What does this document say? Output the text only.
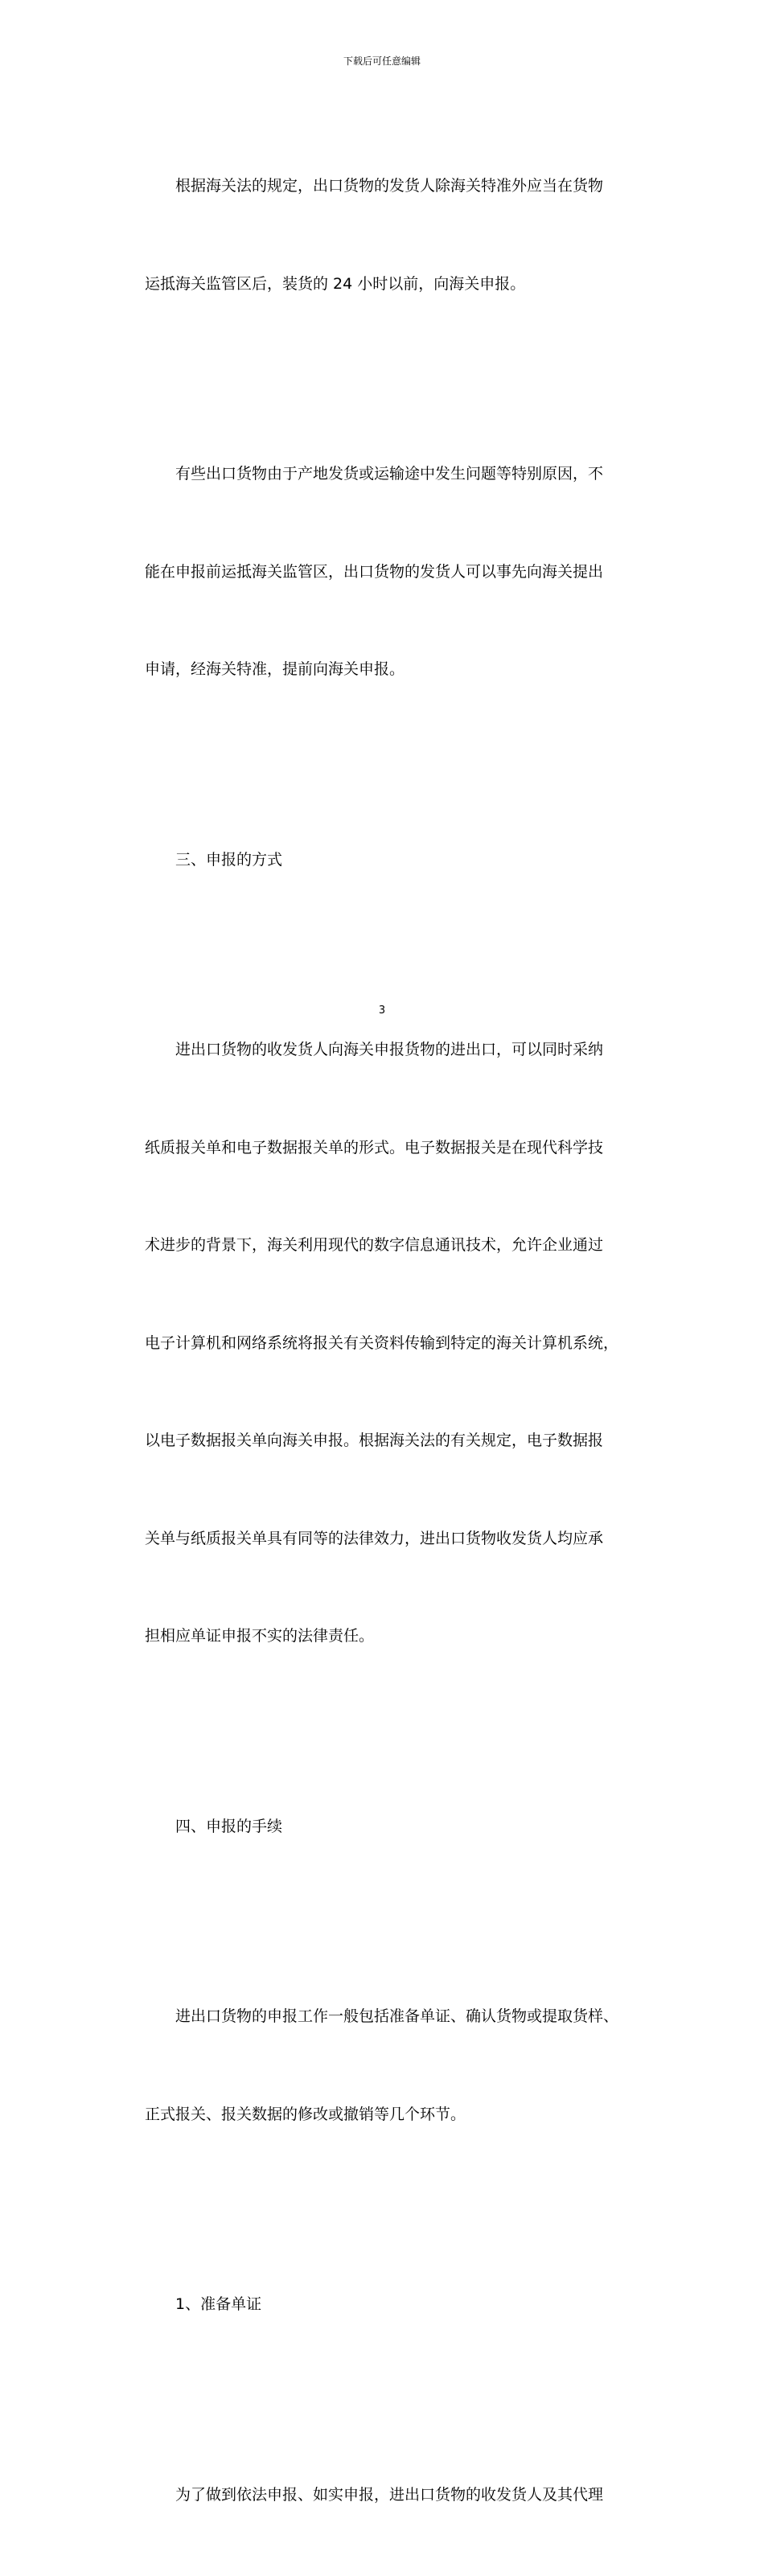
下载后可任意编辑

根据海关法的规定，出口货物的发货人除海关特准外应当在货物

运抵海关监管区后，装货的 24 小时以前，向海关申报。

有些出口货物由于产地发货或运输途中发生问题等特别原因，不

能在申报前运抵海关监管区，出口货物的发货人可以事先向海关提出

申请，经海关特准，提前向海关申报。

三、申报的方式

进出口货物的收发货人向海关申报货物的进出口，可以同时采纳

纸质报关单和电子数据报关单的形式。电子数据报关是在现代科学技

术进步的背景下，海关利用现代的数字信息通讯技术，允许企业通过

电子计算机和网络系统将报关有关资料传输到特定的海关计算机系统，

以电子数据报关单向海关申报。根据海关法的有关规定，电子数据报

关单与纸质报关单具有同等的法律效力，进出口货物收发货人均应承

担相应单证申报不实的法律责任。

四、申报的手续

进出口货物的申报工作一般包括准备单证、确认货物或提取货样、

正式报关、报关数据的修改或撤销等几个环节。

1、准备单证

为了做到依法申报、如实申报，进出口货物的收发货人及其代理

3
